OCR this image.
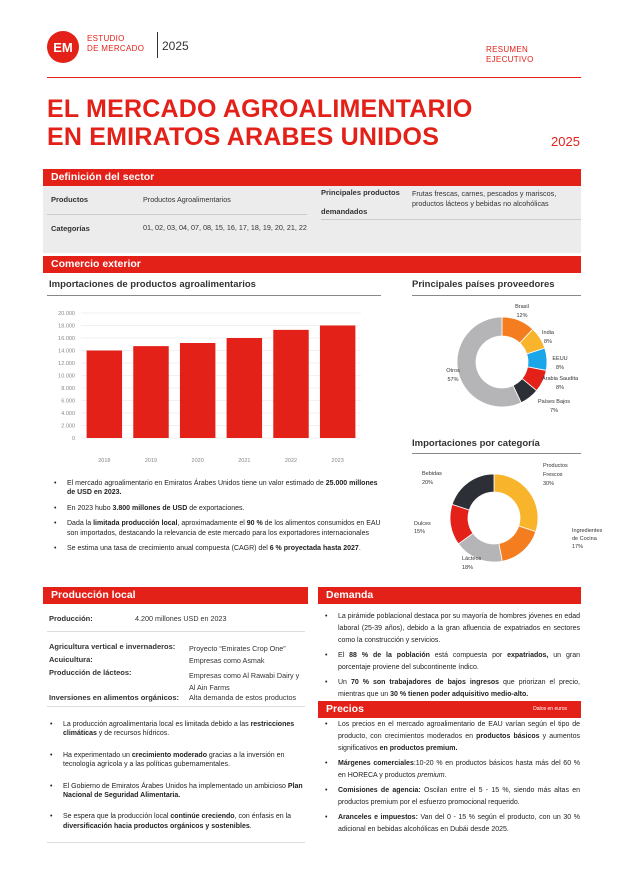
EM
ESTUDIO
DE MERCADO 2025	RESUMEN
EJECUTIVO
EL MERCADO AGROALIMENTARIO
EN EMIRATOS ARABES UNIDOS	2025
Definición del sector
Productos	Productos Agroalimentarios
Principales productos
demandados
Frutas frescas, carnes, pescados y mariscos, productos lácteos y bebidas no alcohólicas
Categorías	01, 02, 03, 04, 07, 08, 15, 16, 17, 18, 19, 20, 21, 22
Comercio exterior
Importaciones de productos agroalimentarios	Principales países proveedores
0
2.000
4.000
6.000
8.000
10.000
12.000
14.000
16.000
18.000
20.000
2018	2019	2020	2021	2022	2023
Brasil
12%
India
8%
EEUU
8%
Arabia Saudita
8%
Países Bajos
7%
Otros
57%
Importaciones por categoría
Productos
Frescos
30%
Ingredientes
de Cocina
17%
Lácteos
18%
Dulces
15%
Bebidas
20%
• El mercado agroalimentario en Emiratos Árabes Unidos tiene un valor estimado de 25.000 millones de USD en 2023.
• En 2023 hubo 3.800 millones de USD de exportaciones.
• Dada la limitada producción local, aproximadamente el 90 % de los alimentos consumidos en EAU son importados, destacando la relevancia de este mercado para los exportadores internacionales
• Se estima una tasa de crecimiento anual compuesta (CAGR) del 6 % proyectada hasta 2027.
Producción local
Producción:	4.200 millones USD en 2023
Agricultura vertical e invernaderos: Proyecto “Emirates Crop One”
Acuicultura:	Empresas como Asmak
Producción de lácteos:	Empresas como Al Rawabi Dairy y Al Ain Farms
Inversiones en alimentos orgánicos: Alta demanda de estos productos
• La producción agroalimentaria local es limitada debido a las restricciones climáticas y de recursos hídricos.
• Ha experimentado un crecimiento moderado gracias a la inversión en tecnología agrícola y a las políticas gubernamentales.
• El Gobierno de Emiratos Árabes Unidos ha implementado un ambicioso Plan Nacional de Seguridad Alimentaria.
• Se espera que la producción local continúe creciendo, con énfasis en la diversificación hacia productos orgánicos y sostenibles.
Demanda
• La pirámide poblacional destaca por su mayoría de hombres jóvenes en edad laboral (25-39 años), debido a la gran afluencia de expatriados en sectores como la construcción y servicios.
• El 88 % de la población está compuesta por expatriados, un gran porcentaje proviene del subcontinente índico.
• Un 70 % son trabajadores de bajos ingresos que priorizan el precio, mientras que un 30 % tienen poder adquisitivo medio-alto.
Precios	Datos en euros
• Los precios en el mercado agroalimentario de EAU varían según el tipo de producto, con crecimientos moderados en productos básicos y aumentos significativos en productos premium.
• Márgenes comerciales:10-20 % en productos básicos hasta más del 60 % en HORECA y productos premium.
• Comisiones de agencia: Oscilan entre el 5 - 15 %, siendo más altas en productos premium por el esfuerzo promocional requerido.
• Aranceles e impuestos: Van del 0 - 15 % según el producto, con un 30 % adicional en bebidas alcohólicas en Dubái desde 2025.
